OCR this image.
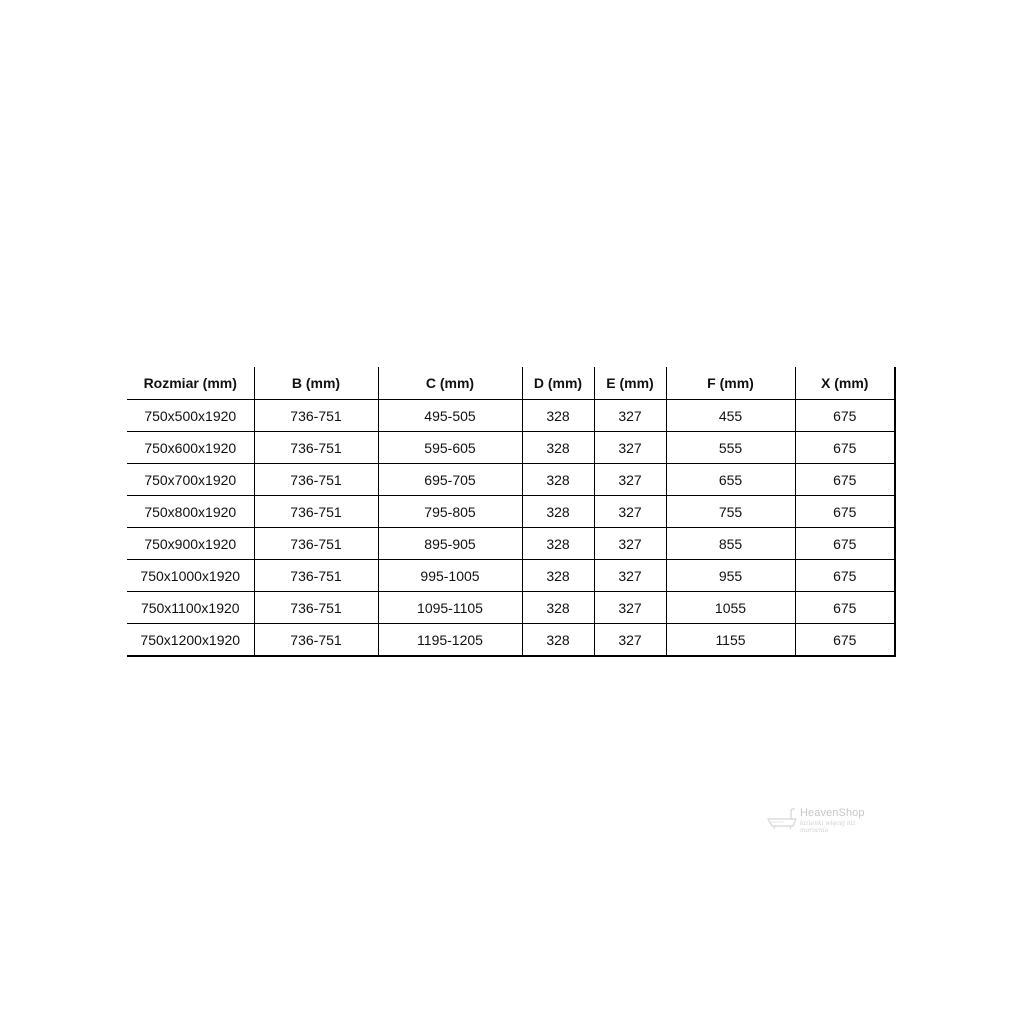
Rozmiar (mm)	B (mm)	C (mm)	D (mm)	E (mm)	F (mm)	X (mm)
750x500x1920	736-751	495-505	328	327	455	675
750x600x1920	736-751	595-605	328	327	555	675
750x700x1920	736-751	695-705	328	327	655	675
750x800x1920	736-751	795-805	328	327	755	675
750x900x1920	736-751	895-905	328	327	855	675
750x1000x1920	736-751	995-1005	328	327	955	675
750x1100x1920	736-751	1095-1105	328	327	1055	675
750x1200x1920	736-751	1195-1205	328	327	1155	675
HeavenShop
łazienki więcej niż marzenia
